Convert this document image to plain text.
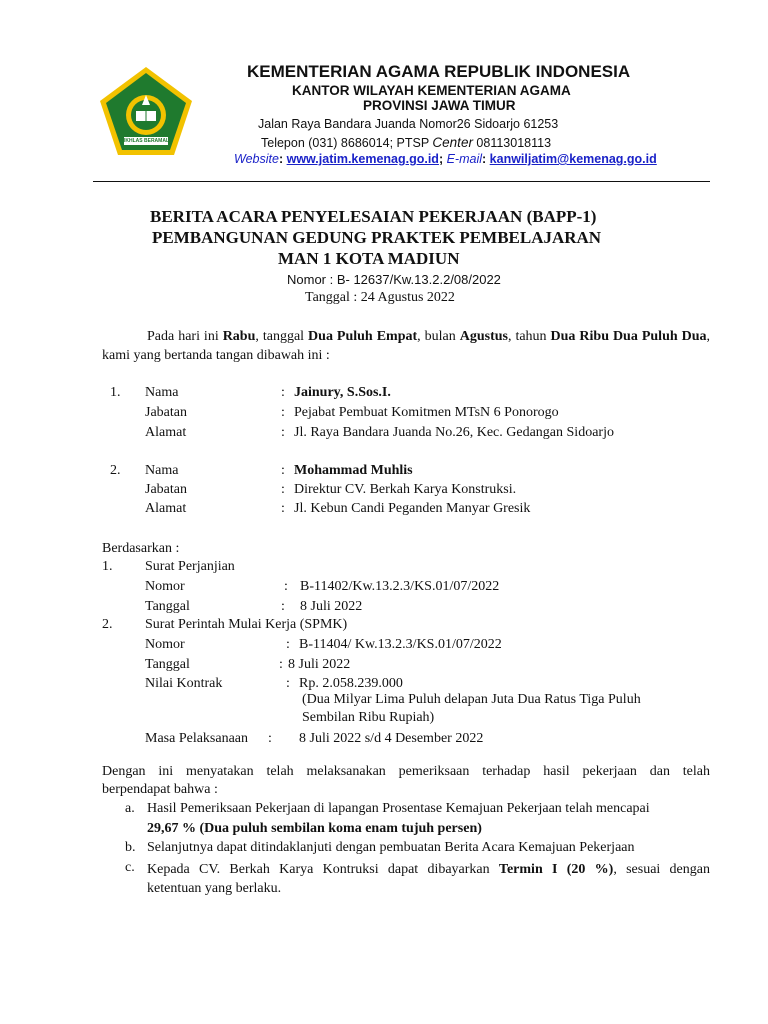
IKHLAS BERAMAL
KEMENTERIAN AGAMA REPUBLIK INDONESIA
KANTOR WILAYAH KEMENTERIAN AGAMA
PROVINSI JAWA TIMUR
Jalan Raya Bandara Juanda Nomor26 Sidoarjo 61253
Telepon (031) 8686014; PTSP Center 08113018113
Website: www.jatim.kemenag.go.id; E-mail: kanwiljatim@kemenag.go.id
BERITA ACARA PENYELESAIAN PEKERJAAN (BAPP-1)
PEMBANGUNAN GEDUNG PRAKTEK PEMBELAJARAN
MAN 1 KOTA MADIUN
Nomor : B- 12637/Kw.13.2.2/08/2022
Tanggal : 24 Agustus 2022
Pada hari ini Rabu, tanggal Dua Puluh Empat, bulan Agustus, tahun Dua Ribu Dua Puluh Dua, kami yang bertanda tangan dibawah ini :
1. Nama	: Jainury, S.Sos.I.
Jabatan	: Pejabat Pembuat Komitmen MTsN 6 Ponorogo
Alamat	: Jl. Raya Bandara Juanda No.26, Kec. Gedangan Sidoarjo
2. Nama	: Mohammad Muhlis
Jabatan	: Direktur CV. Berkah Karya Konstruksi.
Alamat	: Jl. Kebun Candi Peganden Manyar Gresik
Berdasarkan :
1. Surat Perjanjian
Nomor	: B-11402/Kw.13.2.3/KS.01/07/2022
Tanggal	: 8 Juli 2022
2. Surat Perintah Mulai Kerja (SPMK)
Nomor	: B-11404/ Kw.13.2.3/KS.01/07/2022
Tanggal	: 8 Juli 2022
Nilai Kontrak	: Rp. 2.058.239.000
(Dua Milyar Lima Puluh delapan Juta Dua Ratus Tiga Puluh
Sembilan Ribu Rupiah)
Masa Pelaksanaan : 8 Juli 2022 s/d 4 Desember 2022
Dengan ini menyatakan telah melaksanakan pemeriksaan terhadap hasil pekerjaan dan telah
berpendapat bahwa :
a. Hasil Pemeriksaan Pekerjaan di lapangan Prosentase Kemajuan Pekerjaan telah mencapai
29,67 % (Dua puluh sembilan koma enam tujuh persen)
b. Selanjutnya dapat ditindaklanjuti dengan pembuatan Berita Acara Kemajuan Pekerjaan
c. Kepada CV. Berkah Karya Kontruksi dapat dibayarkan Termin I (20 %), sesuai dengan
ketentuan yang berlaku.
